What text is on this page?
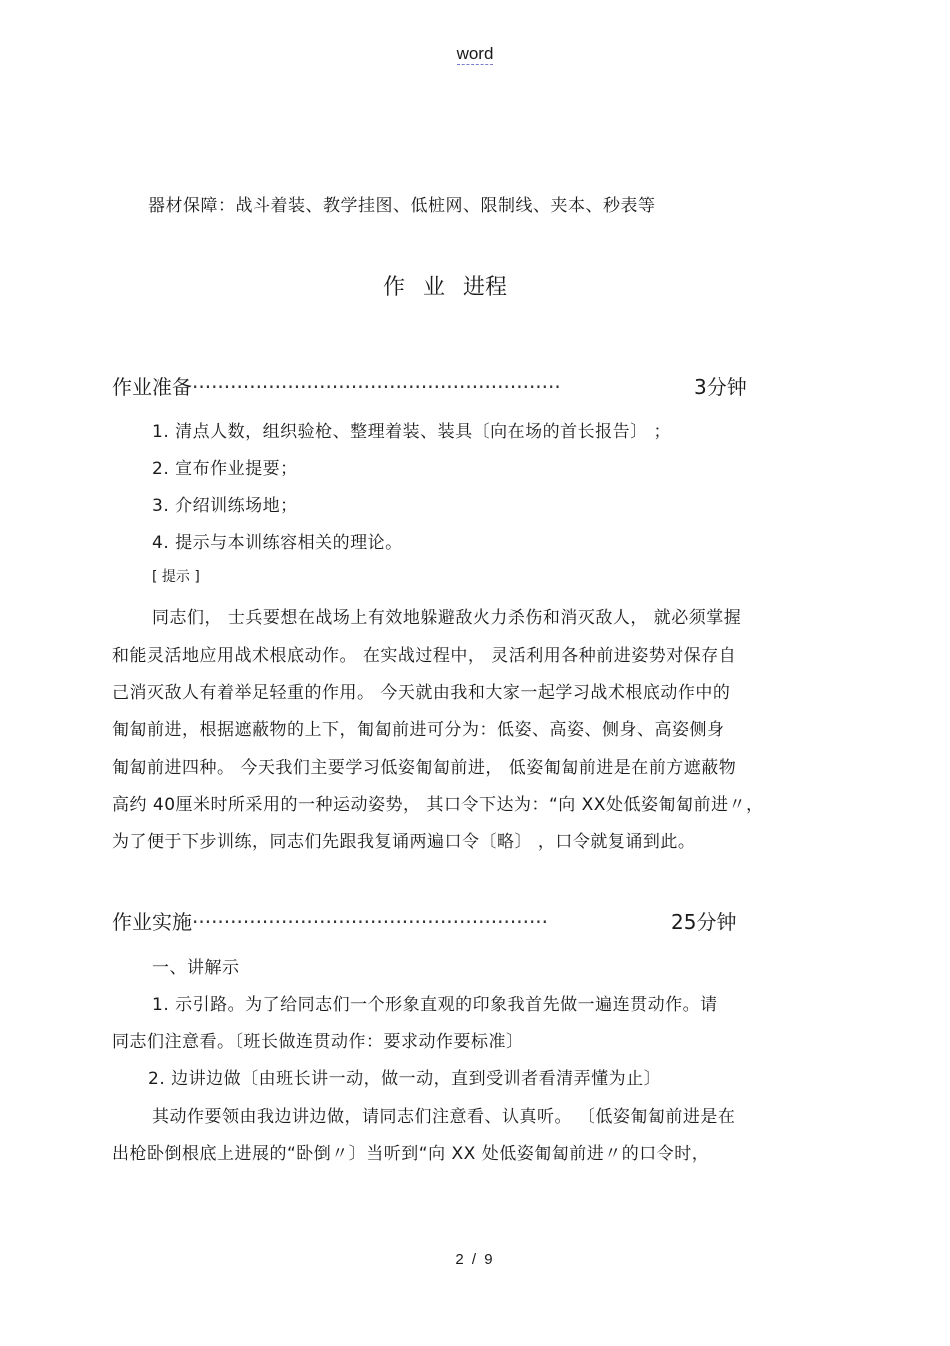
word
器材保障：战斗着装、教学挂图、低桩网、限制线、夹本、秒表等
作 业 进程
作业准备··························································	3分钟
1. 清点人数，组织验枪、整理着装、装具〔向在场的首长报告〕 ；
2. 宣布作业提要；
3. 介绍训练场地；
4. 提示与本训练容相关的理论。
[ 提示 ]
同志们， 士兵要想在战场上有效地躲避敌火力杀伤和消灭敌人， 就必须掌握
和能灵活地应用战术根底动作。 在实战过程中， 灵活利用各种前进姿势对保存自
己消灭敌人有着举足轻重的作用。 今天就由我和大家一起学习战术根底动作中的
匍匐前进，根据遮蔽物的上下，匍匐前进可分为：低姿、高姿、侧身、高姿侧身
匍匐前进四种。 今天我们主要学习低姿匍匐前进， 低姿匍匐前进是在前方遮蔽物
高约 40厘米时所采用的一种运动姿势， 其口令下达为：“向 XX处低姿匍匐前进〃，
为了便于下步训练，同志们先跟我复诵两遍口令〔略〕 ，口令就复诵到此。
作业实施························································	25分钟
一、讲解示
1. 示引路。为了给同志们一个形象直观的印象我首先做一遍连贯动作。请
同志们注意看。〔班长做连贯动作：要求动作要标准〕
2. 边讲边做〔由班长讲一动，做一动，直到受训者看清弄懂为止〕
其动作要领由我边讲边做，请同志们注意看、认真听。 〔低姿匍匐前进是在
出枪卧倒根底上进展的“卧倒〃〕当听到“向 XX 处低姿匍匐前进〃的口令时，
2 / 9
